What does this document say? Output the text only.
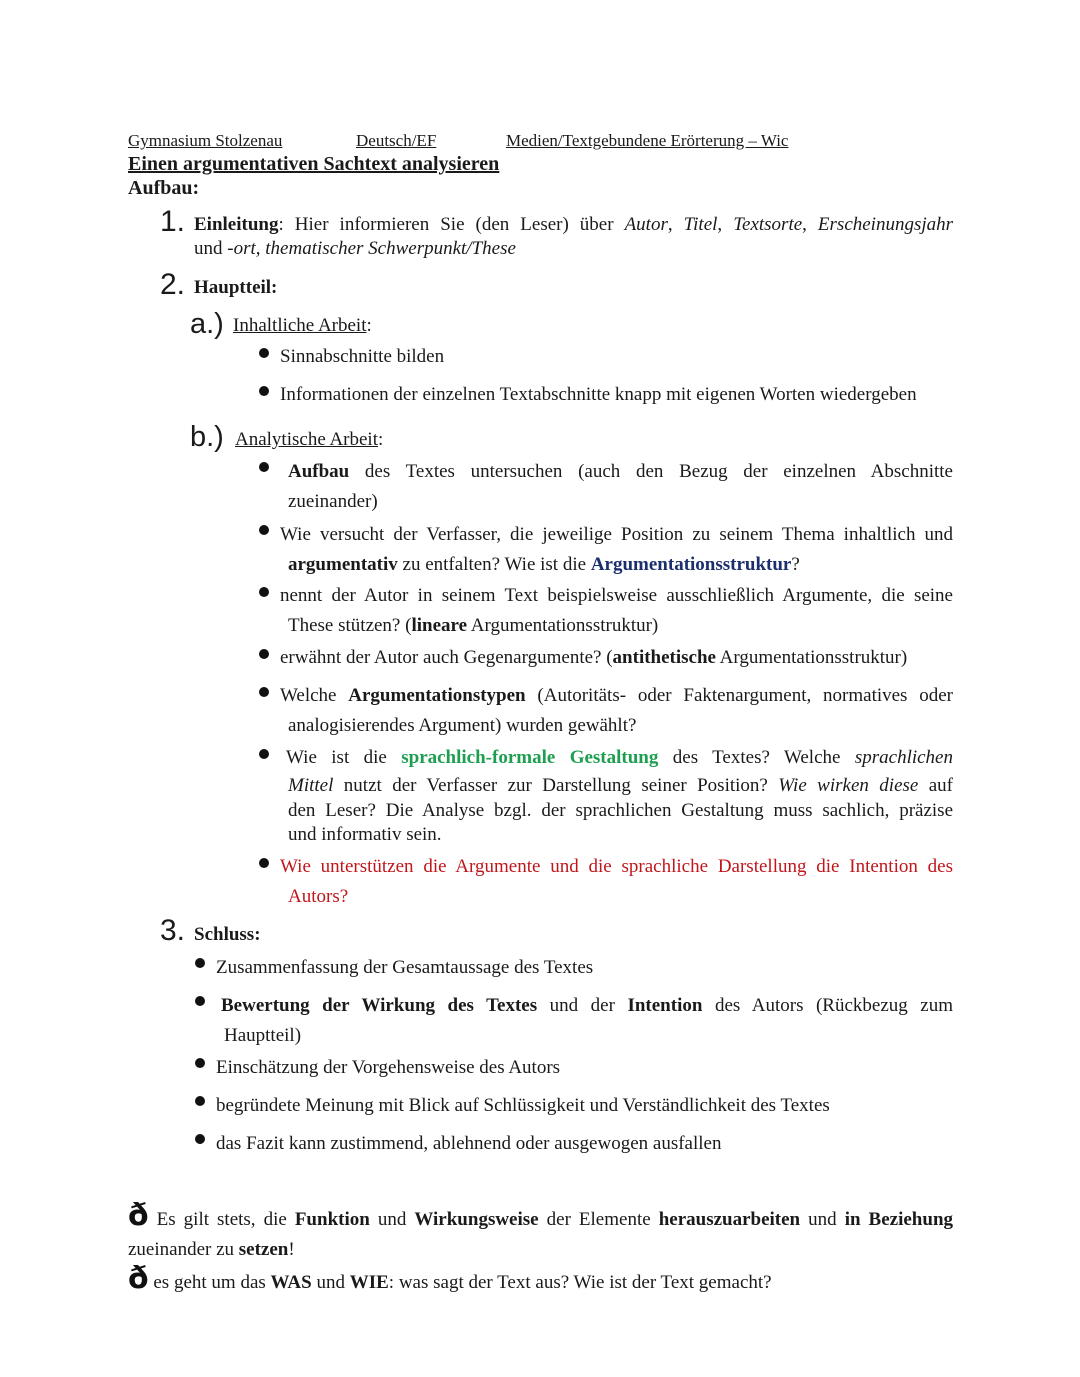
Gymnasium Stolzenau	Deutsch/EF	Medien/Textgebundene Erörterung – Wic
Einen argumentativen Sachtext analysieren
Aufbau:
1. Einleitung: Hier informieren Sie (den Leser) über Autor, Titel, Textsorte, Erscheinungsjahr
und -ort, thematischer Schwerpunkt/These
2. Hauptteil:
a.) Inhaltliche Arbeit:
Sinnabschnitte bilden
Informationen der einzelnen Textabschnitte knapp mit eigenen Worten wiedergeben
b.) Analytische Arbeit:
Aufbau des Textes untersuchen (auch den Bezug der einzelnen Abschnitte
zueinander)
Wie versucht der Verfasser, die jeweilige Position zu seinem Thema inhaltlich und
argumentativ zu entfalten? Wie ist die Argumentationsstruktur?
nennt der Autor in seinem Text beispielsweise ausschließlich Argumente, die seine
These stützen? (lineare Argumentationsstruktur)
erwähnt der Autor auch Gegenargumente? (antithetische Argumentationsstruktur)
Welche Argumentationstypen (Autoritäts- oder Faktenargument, normatives oder
analogisierendes Argument) wurden gewählt?
Wie ist die sprachlich-formale Gestaltung des Textes? Welche sprachlichen
Mittel nutzt der Verfasser zur Darstellung seiner Position? Wie wirken diese auf
den Leser? Die Analyse bzgl. der sprachlichen Gestaltung muss sachlich, präzise
und informativ sein.
Wie unterstützen die Argumente und die sprachliche Darstellung die Intention des
Autors?
3. Schluss:
Zusammenfassung der Gesamtaussage des Textes
Bewertung der Wirkung des Textes und der Intention des Autors (Rückbezug zum
Hauptteil)
Einschätzung der Vorgehensweise des Autors
begründete Meinung mit Blick auf Schlüssigkeit und Verständlichkeit des Textes
das Fazit kann zustimmend, ablehnend oder ausgewogen ausfallen
ð Es gilt stets, die Funktion und Wirkungsweise der Elemente herauszuarbeiten und in Beziehung
zueinander zu setzen!
ð es geht um das WAS und WIE: was sagt der Text aus? Wie ist der Text gemacht?
